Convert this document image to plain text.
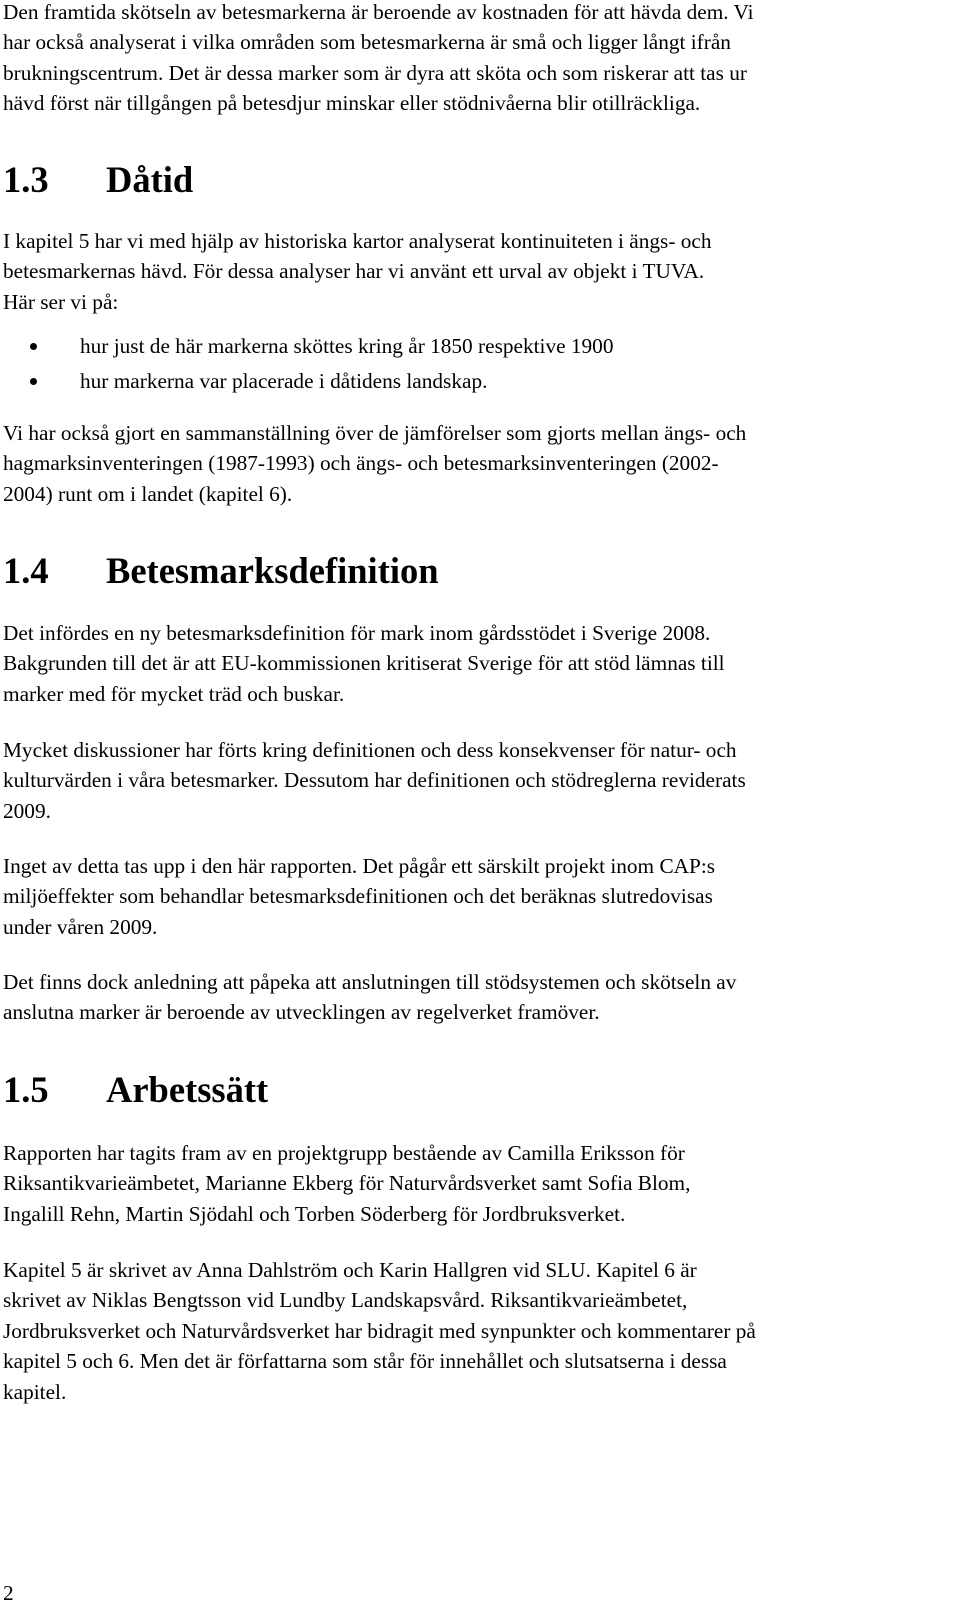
Den framtida skötseln av betesmarkerna är beroende av kostnaden för att hävda dem. Vi
har också analyserat i vilka områden som betesmarkerna är små och ligger långt ifrån
brukningscentrum. Det är dessa marker som är dyra att sköta och som riskerar att tas ur
hävd först när tillgången på betesdjur minskar eller stödnivåerna blir otillräckliga.

1.3 Dåtid

I kapitel 5 har vi med hjälp av historiska kartor analyserat kontinuiteten i ängs- och
betesmarkernas hävd. För dessa analyser har vi använt ett urval av objekt i TUVA.
Här ser vi på:

hur just de här markerna sköttes kring år 1850 respektive 1900
hur markerna var placerade i dåtidens landskap.

Vi har också gjort en sammanställning över de jämförelser som gjorts mellan ängs- och
hagmarksinventeringen (1987-1993) och ängs- och betesmarksinventeringen (2002-
2004) runt om i landet (kapitel 6).

1.4 Betesmarksdefinition

Det infördes en ny betesmarksdefinition för mark inom gårdsstödet i Sverige 2008.
Bakgrunden till det är att EU-kommissionen kritiserat Sverige för att stöd lämnas till
marker med för mycket träd och buskar.

Mycket diskussioner har förts kring definitionen och dess konsekvenser för natur- och
kulturvärden i våra betesmarker. Dessutom har definitionen och stödreglerna reviderats
2009.

Inget av detta tas upp i den här rapporten. Det pågår ett särskilt projekt inom CAP:s
miljöeffekter som behandlar betesmarksdefinitionen och det beräknas slutredovisas
under våren 2009.

Det finns dock anledning att påpeka att anslutningen till stödsystemen och skötseln av
anslutna marker är beroende av utvecklingen av regelverket framöver.

1.5 Arbetssätt

Rapporten har tagits fram av en projektgrupp bestående av Camilla Eriksson för
Riksantikvarieämbetet, Marianne Ekberg för Naturvårdsverket samt Sofia Blom,
Ingalill Rehn, Martin Sjödahl och Torben Söderberg för Jordbruksverket.

Kapitel 5 är skrivet av Anna Dahlström och Karin Hallgren vid SLU. Kapitel 6 är
skrivet av Niklas Bengtsson vid Lundby Landskapsvård. Riksantikvarieämbetet,
Jordbruksverket och Naturvårdsverket har bidragit med synpunkter och kommentarer på
kapitel 5 och 6. Men det är författarna som står för innehållet och slutsatserna i dessa
kapitel.

2
